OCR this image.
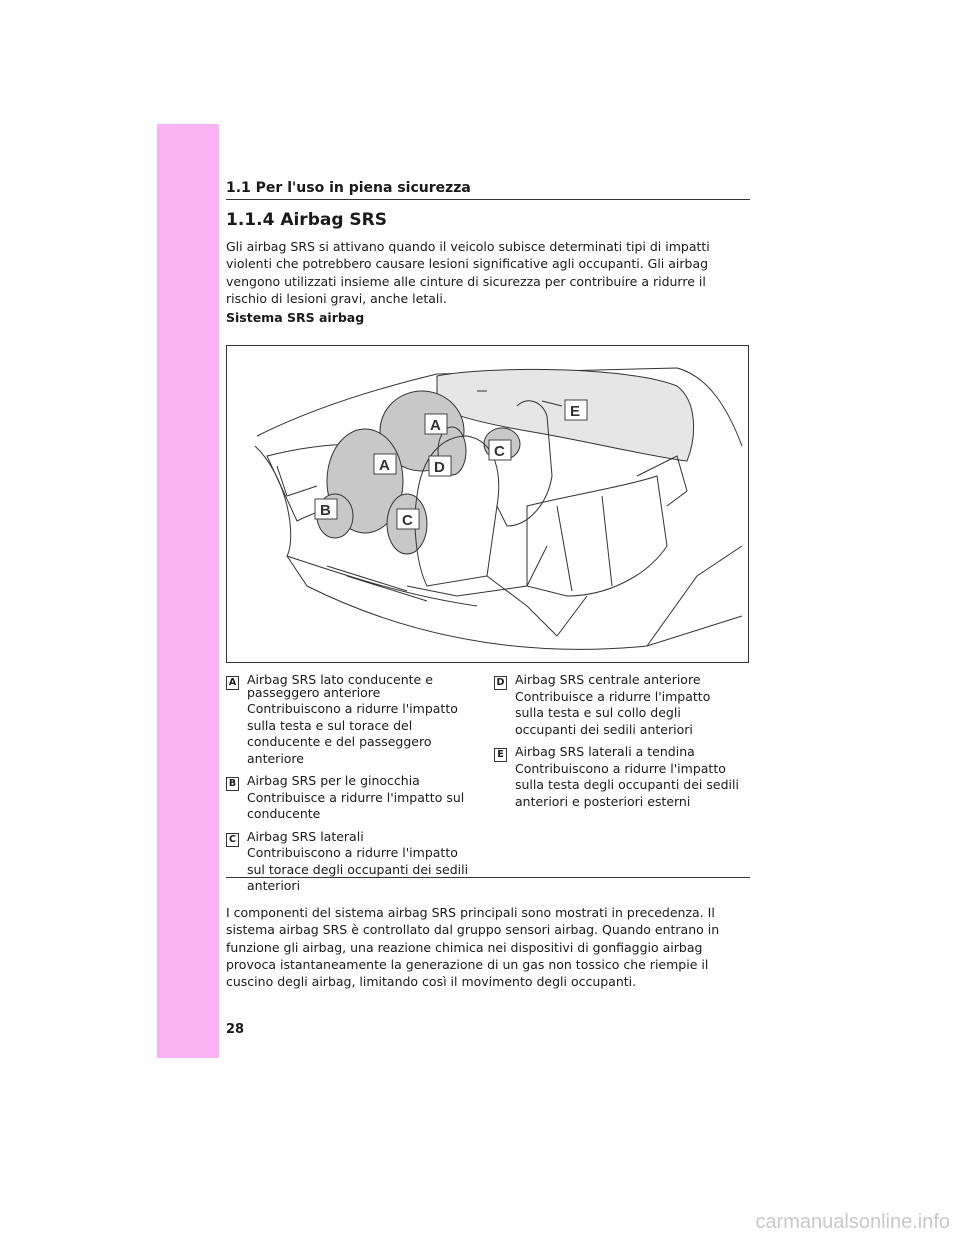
1.1 Per l'uso in piena sicurezza
1.1.4 Airbag SRS
Gli airbag SRS si attivano quando il veicolo subisce determinati tipi di impatti violenti che potrebbero causare lesioni significative agli occupanti. Gli airbag vengono utilizzati insieme alle cinture di sicurezza per contribuire a ridurre il rischio di lesioni gravi, anche letali.
Sistema SRS airbag
A
A
B
C
C
D
E
A Airbag SRS lato conducente e passeggero anteriore
Contribuiscono a ridurre l'impatto sulla testa e sul torace del conducente e del passeggero anteriore
B Airbag SRS per le ginocchia
Contribuisce a ridurre l'impatto sul conducente
C Airbag SRS laterali
Contribuiscono a ridurre l'impatto sul torace degli occupanti dei sedili anteriori
D Airbag SRS centrale anteriore
Contribuisce a ridurre l'impatto sulla testa e sul collo degli occupanti dei sedili anteriori
E Airbag SRS laterali a tendina
Contribuiscono a ridurre l'impatto sulla testa degli occupanti dei sedili anteriori e posteriori esterni
I componenti del sistema airbag SRS principali sono mostrati in precedenza. Il sistema airbag SRS è controllato dal gruppo sensori airbag. Quando entrano in funzione gli airbag, una reazione chimica nei dispositivi di gonfiaggio airbag provoca istantaneamente la generazione di un gas non tossico che riempie il cuscino degli airbag, limitando così il movimento degli occupanti.
28
carmanualsonline.info
